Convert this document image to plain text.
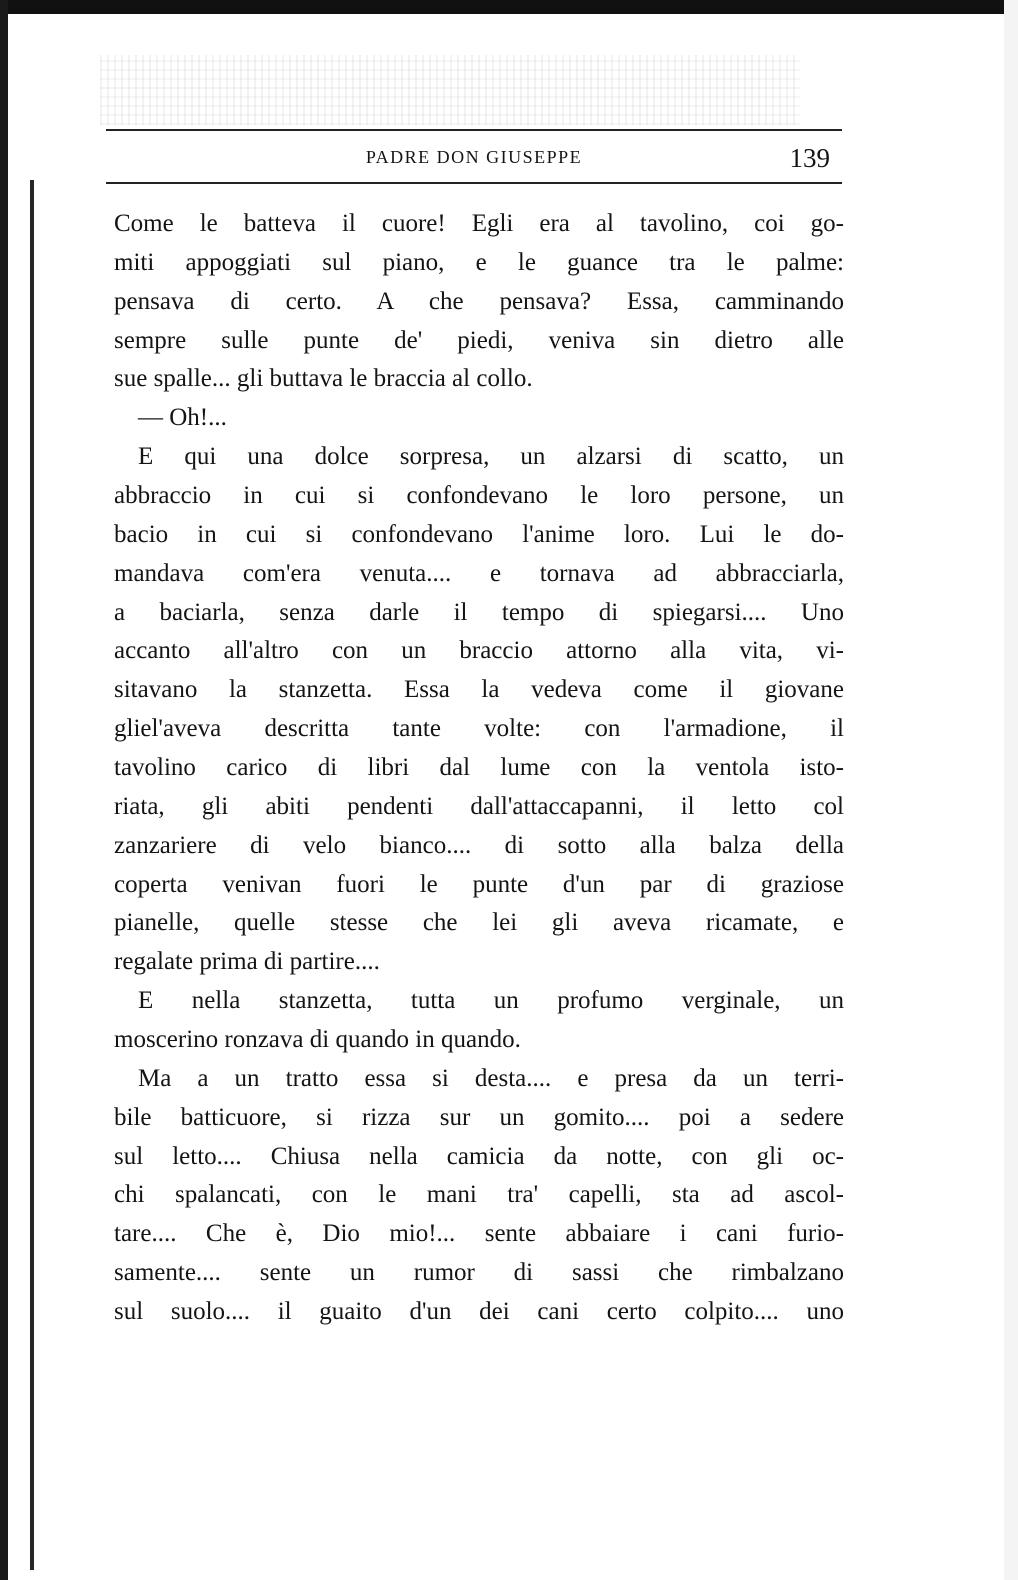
PADRE DON GIUSEPPE	139
Come le batteva il cuore! Egli era al tavolino, coi go-
miti appoggiati sul piano, e le guance tra le palme:
pensava di certo. A che pensava? Essa, camminando
sempre sulle punte de' piedi, veniva sin dietro alle
sue spalle... gli buttava le braccia al collo.
— Oh!...
E qui una dolce sorpresa, un alzarsi di scatto, un
abbraccio in cui si confondevano le loro persone, un
bacio in cui si confondevano l'anime loro. Lui le do-
mandava com'era venuta.... e tornava ad abbracciarla,
a baciarla, senza darle il tempo di spiegarsi.... Uno
accanto all'altro con un braccio attorno alla vita, vi-
sitavano la stanzetta. Essa la vedeva come il giovane
gliel'aveva descritta tante volte: con l'armadione, il
tavolino carico di libri dal lume con la ventola isto-
riata, gli abiti pendenti dall'attaccapanni, il letto col
zanzariere di velo bianco.... di sotto alla balza della
coperta venivan fuori le punte d'un par di graziose
pianelle, quelle stesse che lei gli aveva ricamate, e
regalate prima di partire....
E nella stanzetta, tutta un profumo verginale, un
moscerino ronzava di quando in quando.
Ma a un tratto essa si desta.... e presa da un terri-
bile batticuore, si rizza sur un gomito.... poi a sedere
sul letto.... Chiusa nella camicia da notte, con gli oc-
chi spalancati, con le mani tra' capelli, sta ad ascol-
tare.... Che è, Dio mio!... sente abbaiare i cani furio-
samente.... sente un rumor di sassi che rimbalzano
sul suolo.... il guaito d'un dei cani certo colpito.... uno
